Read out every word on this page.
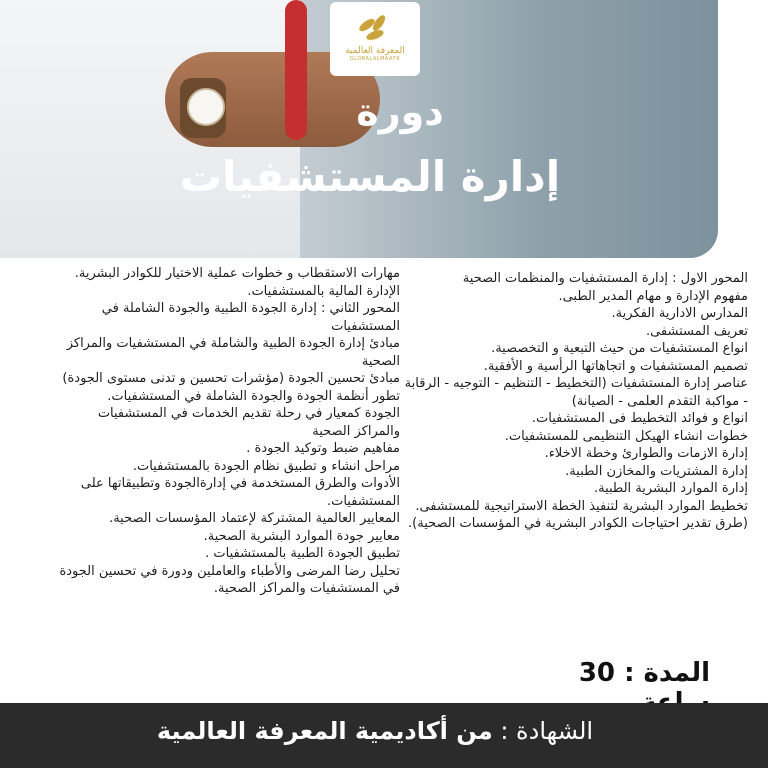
المعرفة العالمية
GLOBALALMAAFR
دورة
إدارة المستشفيات

المحور الاول : إدارة المستشفيات والمنظمات الصحية

مفهوم الإدارة و مهام المدير الطبى.

المدارس الادارية الفكرية.

تعريف المستشفى.

انواع المستشفيات من حيث التبعية و التخصصية.

تصميم المستشفيات و اتجاهاتها الرأسية و الأفقية.

عناصر إدارة المستشفيات (التخطيط - التنظيم - التوجيه - الرقابة - مواكبة التقدم العلمى - الصيانة)

انواع و فوائد التخطيط فى المستشفيات.

خطوات انشاء الهيكل التنظيمى للمستشفيات.

إدارة الازمات والطوارئ وخطة الاخلاء.

إدارة المشتريات والمخازن الطبية.

إدارة الموارد البشرية الطبية.

تخطيط الموارد البشرية لتنفيذ الخطة الاستراتيجية للمستشفى. (طرق تقدير احتياجات الكوادر البشرية في المؤسسات الصحية).

مهارات الاستقطاب و خطوات عملية الاختيار للكوادر البشرية.

الإدارة المالية بالمستشفيات.

المحور الثاني : إدارة الجودة الطبية والجودة الشاملة في المستشفيات

مبادئ إدارة الجودة الطبية والشاملة في المستشفيات والمراكز الصحية

مبادئ تحسين الجودة (مؤشرات تحسين و تدنى مستوى الجودة)

تطور أنظمة الجودة والجودة الشاملة في المستشفيات.

الجودة كمعيار في رحلة تقديم الخدمات في المستشفيات والمراكز الصحية

مفاهيم ضبط وتوكيد الجودة .

مراحل انشاء و تطبيق نظام الجودة بالمستشفيات.

الأدوات والطرق المستخدمة في إدارةالجودة وتطبيقاتها على المستشفيات.

المعايير العالمية المشتركة لإعتماد المؤسسات الصحية.

معايير جودة الموارد البشرية الصحية.

تطبيق الجودة الطبية بالمستشفيات .

تحليل رضا المرضى والأطباء والعاملين ودورة في تحسين الجودة في المستشفيات والمراكز الصحية.

المدة : 30
الشهادة : من أكاديمية المعرفة العالمية
